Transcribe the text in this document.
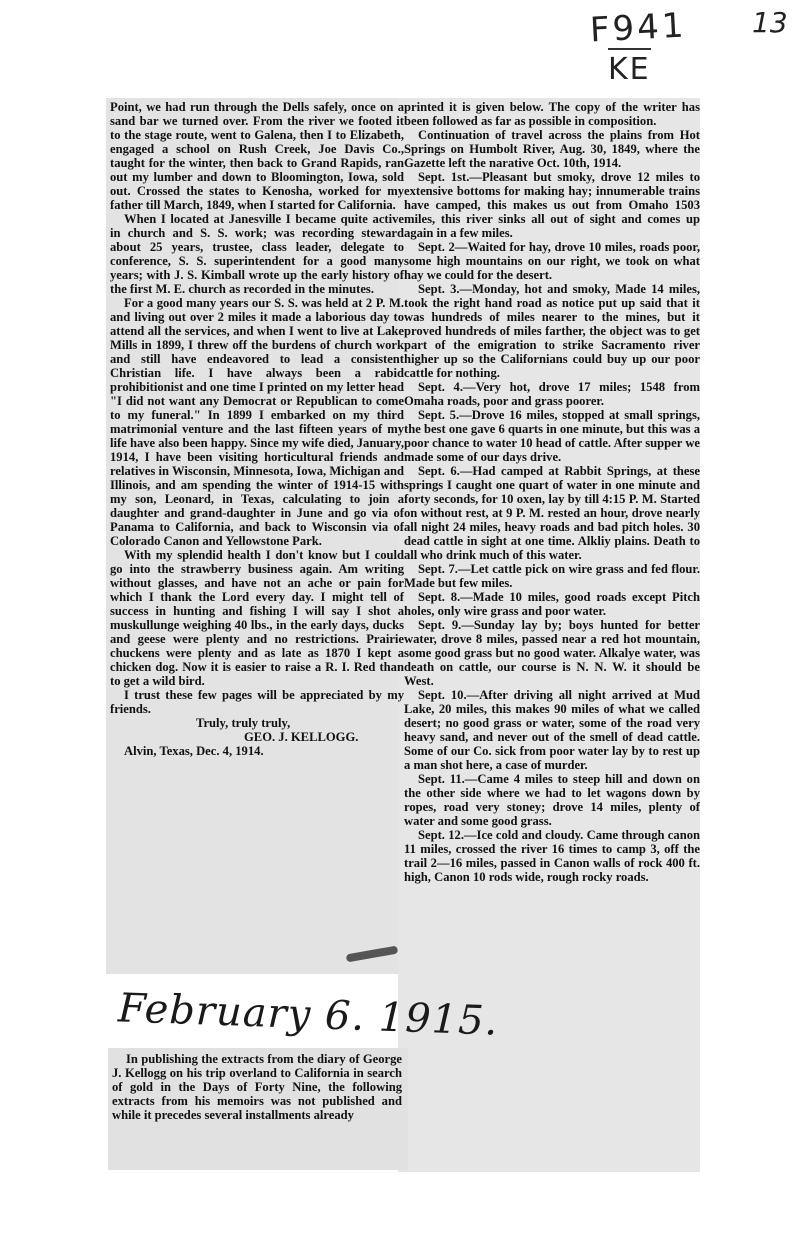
F941
KE
13

Point, we had run through the Dells safely, once on a sand bar we turned over. From the river we footed it to the stage route, went to Galena, then I to Elizabeth, engaged a school on Rush Creek, Joe Davis Co., taught for the winter, then back to Grand Rapids, ran out my lumber and down to Bloomington, Iowa, sold out. Crossed the states to Kenosha, worked for my father till March, 1849, when I started for California.

When I located at Janesville I became quite active in church and S. S. work; was recording steward about 25 years, trustee, class leader, delegate to conference, S. S. superintendent for a good many years; with J. S. Kimball wrote up the early history of the first M. E. church as recorded in the minutes.

For a good many years our S. S. was held at 2 P. M. and living out over 2 miles it made a laborious day to attend all the services, and when I went to live at Lake Mills in 1899, I threw off the burdens of church work and still have endeavored to lead a consistent Christian life. I have always been a rabid prohibitionist and one time I printed on my letter head "I did not want any Democrat or Republican to come to my funeral." In 1899 I embarked on my third matrimonial venture and the last fifteen years of my life have also been happy. Since my wife died, January, 1914, I have been visiting horticultural friends and relatives in Wisconsin, Minnesota, Iowa, Michigan and Illinois, and am spending the winter of 1914-15 with my son, Leonard, in Texas, calculating to join a daughter and grand-daughter in June and go via of Panama to California, and back to Wisconsin via of Colorado Canon and Yellowstone Park.

With my splendid health I don't know but I could go into the strawberry business again. Am writing without glasses, and have not an ache or pain for which I thank the Lord every day. I might tell of success in hunting and fishing I will say I shot a muskullunge weighing 40 lbs., in the early days, ducks and geese were plenty and no restrictions. Prairie chuckens were plenty and as late as 1870 I kept a chicken dog. Now it is easier to raise a R. I. Red than to get a wild bird.

I trust these few pages will be appreciated by my friends.

Truly, truly truly,
GEO. J. KELLOGG.
Alvin, Texas, Dec. 4, 1914.

February 6. 1915.

In publishing the extracts from the diary of George J. Kellogg on his trip overland to California in search of gold in the Days of Forty Nine, the following extracts from his memoirs was not published and while it precedes several installments already

printed it is given below. The copy of the writer has been followed as far as possible in composition.

Continuation of travel across the plains from Hot Springs on Humbolt River, Aug. 30, 1849, where the Gazette left the narative Oct. 10th, 1914.

Sept. 1st.—Pleasant but smoky, drove 12 miles to extensive bottoms for making hay; innumerable trains have camped, this makes us out from Omaho 1503 miles, this river sinks all out of sight and comes up again in a few miles.

Sept. 2—Waited for hay, drove 10 miles, roads poor, some high mountains on our right, we took on what hay we could for the desert.

Sept. 3.—Monday, hot and smoky, Made 14 miles, took the right hand road as notice put up said that it was hundreds of miles nearer to the mines, but it proved hundreds of miles farther, the object was to get part of the emigration to strike Sacramento river higher up so the Californians could buy up our poor cattle for nothing.

Sept. 4.—Very hot, drove 17 miles; 1548 from Omaha roads, poor and grass poorer.

Sept. 5.—Drove 16 miles, stopped at small springs, the best one gave 6 quarts in one minute, but this was a poor chance to water 10 head of cattle. After supper we made some of our days drive.

Sept. 6.—Had camped at Rabbit Springs, at these springs I caught one quart of water in one minute and forty seconds, for 10 oxen, lay by till 4:15 P. M. Started on without rest, at 9 P. M. rested an hour, drove nearly all night 24 miles, heavy roads and bad pitch holes. 30 dead cattle in sight at one time. Alkliy plains. Death to all who drink much of this water.

Sept. 7.—Let cattle pick on wire grass and fed flour. Made but few miles.

Sept. 8.—Made 10 miles, good roads except Pitch holes, only wire grass and poor water.

Sept. 9.—Sunday lay by; boys hunted for better water, drove 8 miles, passed near a red hot mountain, some good grass but no good water. Alkalye water, was death on cattle, our course is N. N. W. it should be West.

Sept. 10.—After driving all night arrived at Mud Lake, 20 miles, this makes 90 miles of what we called desert; no good grass or water, some of the road very heavy sand, and never out of the smell of dead cattle. Some of our Co. sick from poor water lay by to rest up a man shot here, a case of murder.

Sept. 11.—Came 4 miles to steep hill and down on the other side where we had to let wagons down by ropes, road very stoney; drove 14 miles, plenty of water and some good grass.

Sept. 12.—Ice cold and cloudy. Came through canon 11 miles, crossed the river 16 times to camp 3, off the trail 2—16 miles, passed in Canon walls of rock 400 ft. high, Canon 10 rods wide, rough rocky roads.
